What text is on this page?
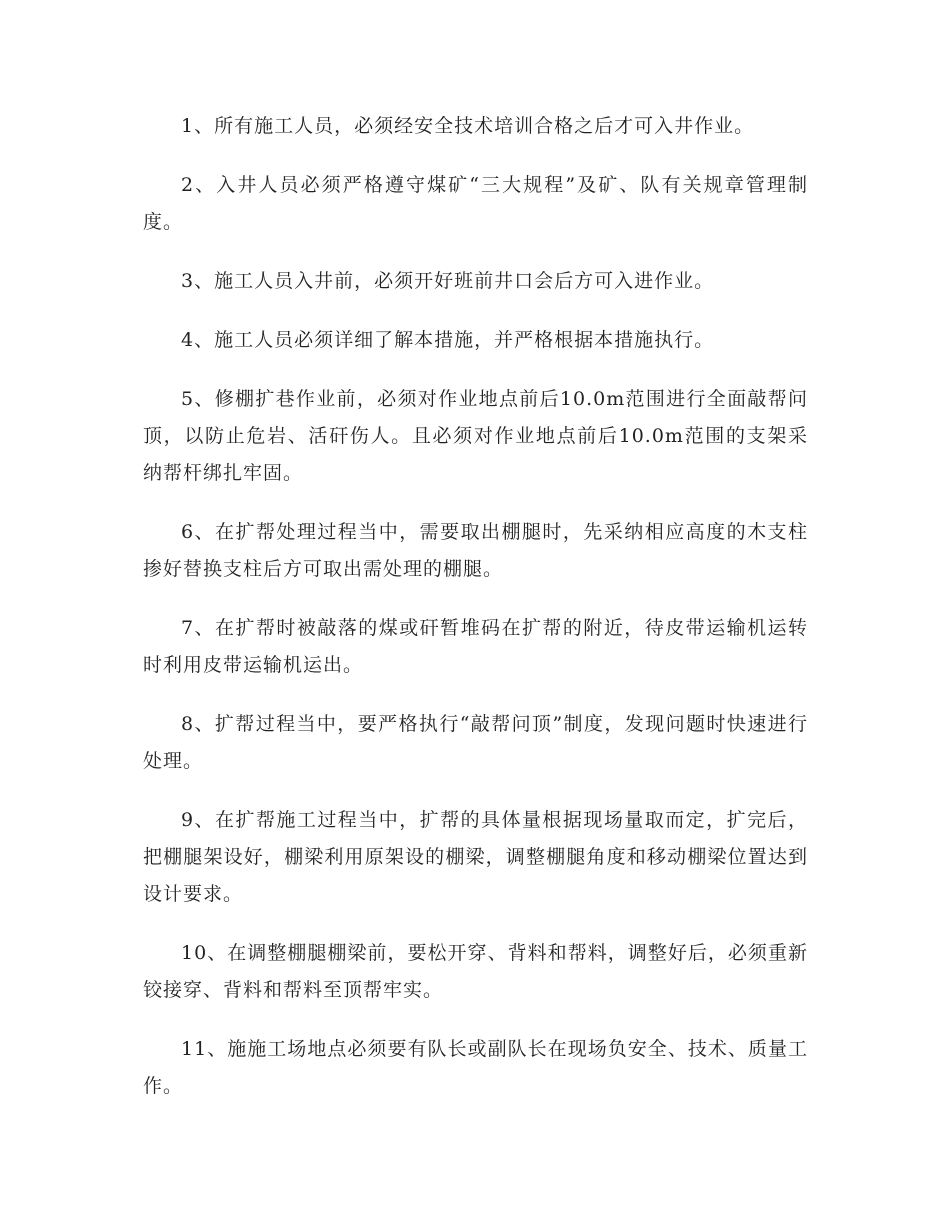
1、所有施工人员，必须经安全技术培训合格之后才可入井作业。

2、入井人员必须严格遵守煤矿“三大规程”及矿、队有关规章管理制度。

3、施工人员入井前，必须开好班前井口会后方可入进作业。

4、施工人员必须详细了解本措施，并严格根据本措施执行。

5、修棚扩巷作业前，必须对作业地点前后10.0m范围进行全面敲帮问顶，以防止危岩、活矸伤人。且必须对作业地点前后10.0m范围的支架采纳帮杆绑扎牢固。

6、在扩帮处理过程当中，需要取出棚腿时，先采纳相应高度的木支柱掺好替换支柱后方可取出需处理的棚腿。

7、在扩帮时被敲落的煤或矸暂堆码在扩帮的附近，待皮带运输机运转时利用皮带运输机运出。

8、扩帮过程当中，要严格执行“敲帮问顶”制度，发现问题时快速进行处理。

9、在扩帮施工过程当中，扩帮的具体量根据现场量取而定，扩完后，把棚腿架设好，棚梁利用原架设的棚梁，调整棚腿角度和移动棚梁位置达到设计要求。

10、在调整棚腿棚梁前，要松开穿、背料和帮料，调整好后，必须重新铰接穿、背料和帮料至顶帮牢实。

11、施施工场地点必须要有队长或副队长在现场负安全、技术、质量工作。
